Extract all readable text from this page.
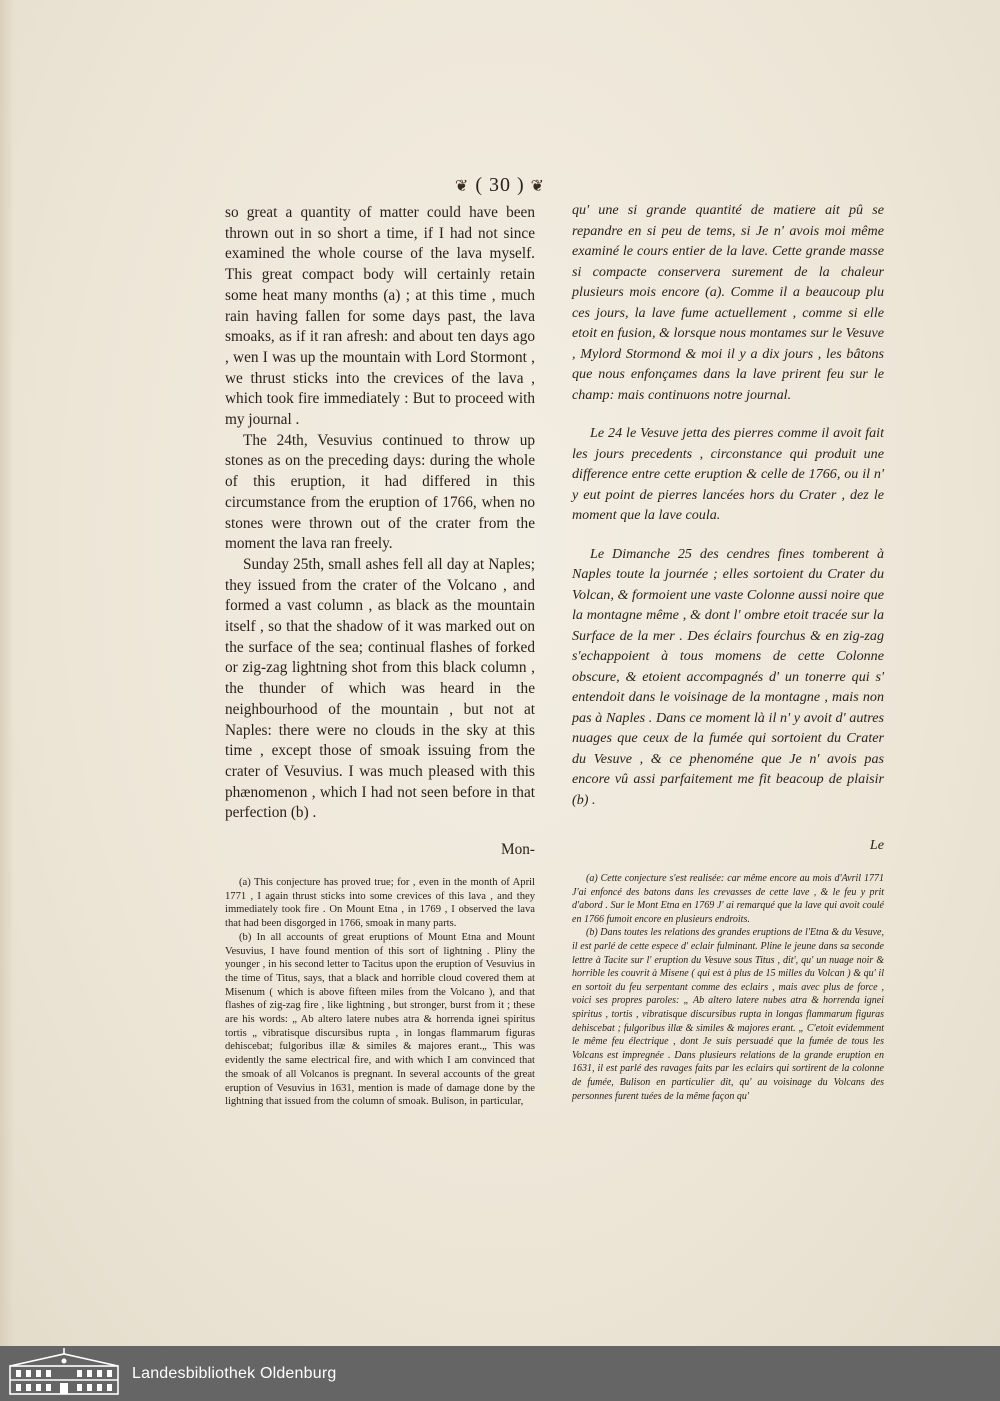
❦ ( 30 ) ❦

so great a quantity of matter could have been thrown out in so short a time, if I had not since examined the whole course of the lava myself. This great compact body will certainly retain some heat many months (a) ; at this time , much rain having fallen for some days past, the lava smoaks, as if it ran afresh: and about ten days ago , wen I was up the mountain with Lord Stormont , we thrust sticks into the crevices of the lava , which took fire immediately : But to proceed with my journal .

The 24th, Vesuvius continued to throw up stones as on the preceding days: during the whole of this eruption, it had differed in this circumstance from the eruption of 1766, when no stones were thrown out of the crater from the moment the lava ran freely.

Sunday 25th, small ashes fell all day at Naples; they issued from the crater of the Volcano , and formed a vast column , as black as the mountain itself , so that the shadow of it was marked out on the surface of the sea; continual flashes of forked or zig-zag lightning shot from this black column , the thunder of which was heard in the neighbourhood of the mountain , but not at Naples: there were no clouds in the sky at this time , except those of smoak issuing from the crater of Vesuvius. I was much pleased with this phænomenon , which I had not seen before in that perfection (b) .

Mon-

qu' une si grande quantité de matiere ait pû se repandre en si peu de tems, si Je n' avois moi même examiné le cours entier de la lave. Cette grande masse si compacte conservera surement de la chaleur plusieurs mois encore (a). Comme il a beaucoup plu ces jours, la lave fume actuellement , comme si elle etoit en fusion, & lorsque nous montames sur le Vesuve , Mylord Stormond & moi il y a dix jours , les bâtons que nous enfonçames dans la lave prirent feu sur le champ: mais continuons notre journal.

Le 24 le Vesuve jetta des pierres comme il avoit fait les jours precedents , circonstance qui produit une difference entre cette eruption & celle de 1766, ou il n' y eut point de pierres lancées hors du Crater , dez le moment que la lave coula.

Le Dimanche 25 des cendres fines tomberent à Naples toute la journée ; elles sortoient du Crater du Volcan, & formoient une vaste Colonne aussi noire que la montagne même , & dont l' ombre etoit tracée sur la Surface de la mer . Des éclairs fourchus & en zig-zag s'echappoient à tous momens de cette Colonne obscure, & etoient accompagnés d' un tonerre qui s' entendoit dans le voisinage de la montagne , mais non pas à Naples . Dans ce moment là il n' y avoit d' autres nuages que ceux de la fumée qui sortoient du Crater du Vesuve , & ce phenoméne que Je n' avois pas encore vû assi parfaitement me fit beacoup de plaisir (b) .

Le

(a) This conjecture has proved true; for , even in the month of April 1771 , I again thrust sticks into some crevices of this lava , and they immediately took fire . On Mount Etna , in 1769 , I observed the lava that had been disgorged in 1766, smoak in many parts.

(b) In all accounts of great eruptions of Mount Etna and Mount Vesuvius, I have found mention of this sort of lightning . Pliny the younger , in his second letter to Tacitus upon the eruption of Vesuvius in the time of Titus, says, that a black and horrible cloud covered them at Misenum ( which is above fifteen miles from the Volcano ), and that flashes of zig-zag fire , like lightning , but stronger, burst from it ; these are his words: „ Ab altero latere nubes atra & horrenda ignei spiritus tortis „ vibratisque discursibus rupta , in longas flammarum figuras dehiscebat; fulgoribus illæ & similes & majores erant.„ This was evidently the same electrical fire, and with which I am convinced that the smoak of all Volcanos is pregnant. In several accounts of the great eruption of Vesuvius in 1631, mention is made of damage done by the lightning that issued from the column of smoak. Bulison, in particular,

(a) Cette conjecture s'est realisée: car même encore au mois d'Avril 1771 J'ai enfoncé des batons dans les crevasses de cette lave , & le feu y prit d'abord . Sur le Mont Etna en 1769 J' ai remarqué que la lave qui avoit coulé en 1766 fumoit encore en plusieurs endroits.

(b) Dans toutes les relations des grandes eruptions de l'Etna & du Vesuve, il est parlé de cette espece d' eclair fulminant. Pline le jeune dans sa seconde lettre à Tacite sur l' eruption du Vesuve sous Titus , dit', qu' un nuage noir & horrible les couvrit à Misene ( qui est à plus de 15 milles du Volcan ) & qu' il en sortoit du feu serpentant comme des eclairs , mais avec plus de force , voici ses propres paroles: „ Ab altero latere nubes atra & horrenda ignei spiritus , tortis , vibratisque discursibus rupta in longas flammarum figuras dehiscebat ; fulgoribus illæ & similes & majores erant. „ C'etoit evidemment le même feu électrique , dont Je suis persuadé que la fumée de tous les Volcans est impregnée . Dans plusieurs relations de la grande eruption en 1631, il est parlé des ravages faits par les eclairs qui sortirent de la colonne de fumée, Bulison en particulier dit, qu' au voisinage du Volcans des personnes furent tuées de la même façon qu'

Landesbibliothek Oldenburg
